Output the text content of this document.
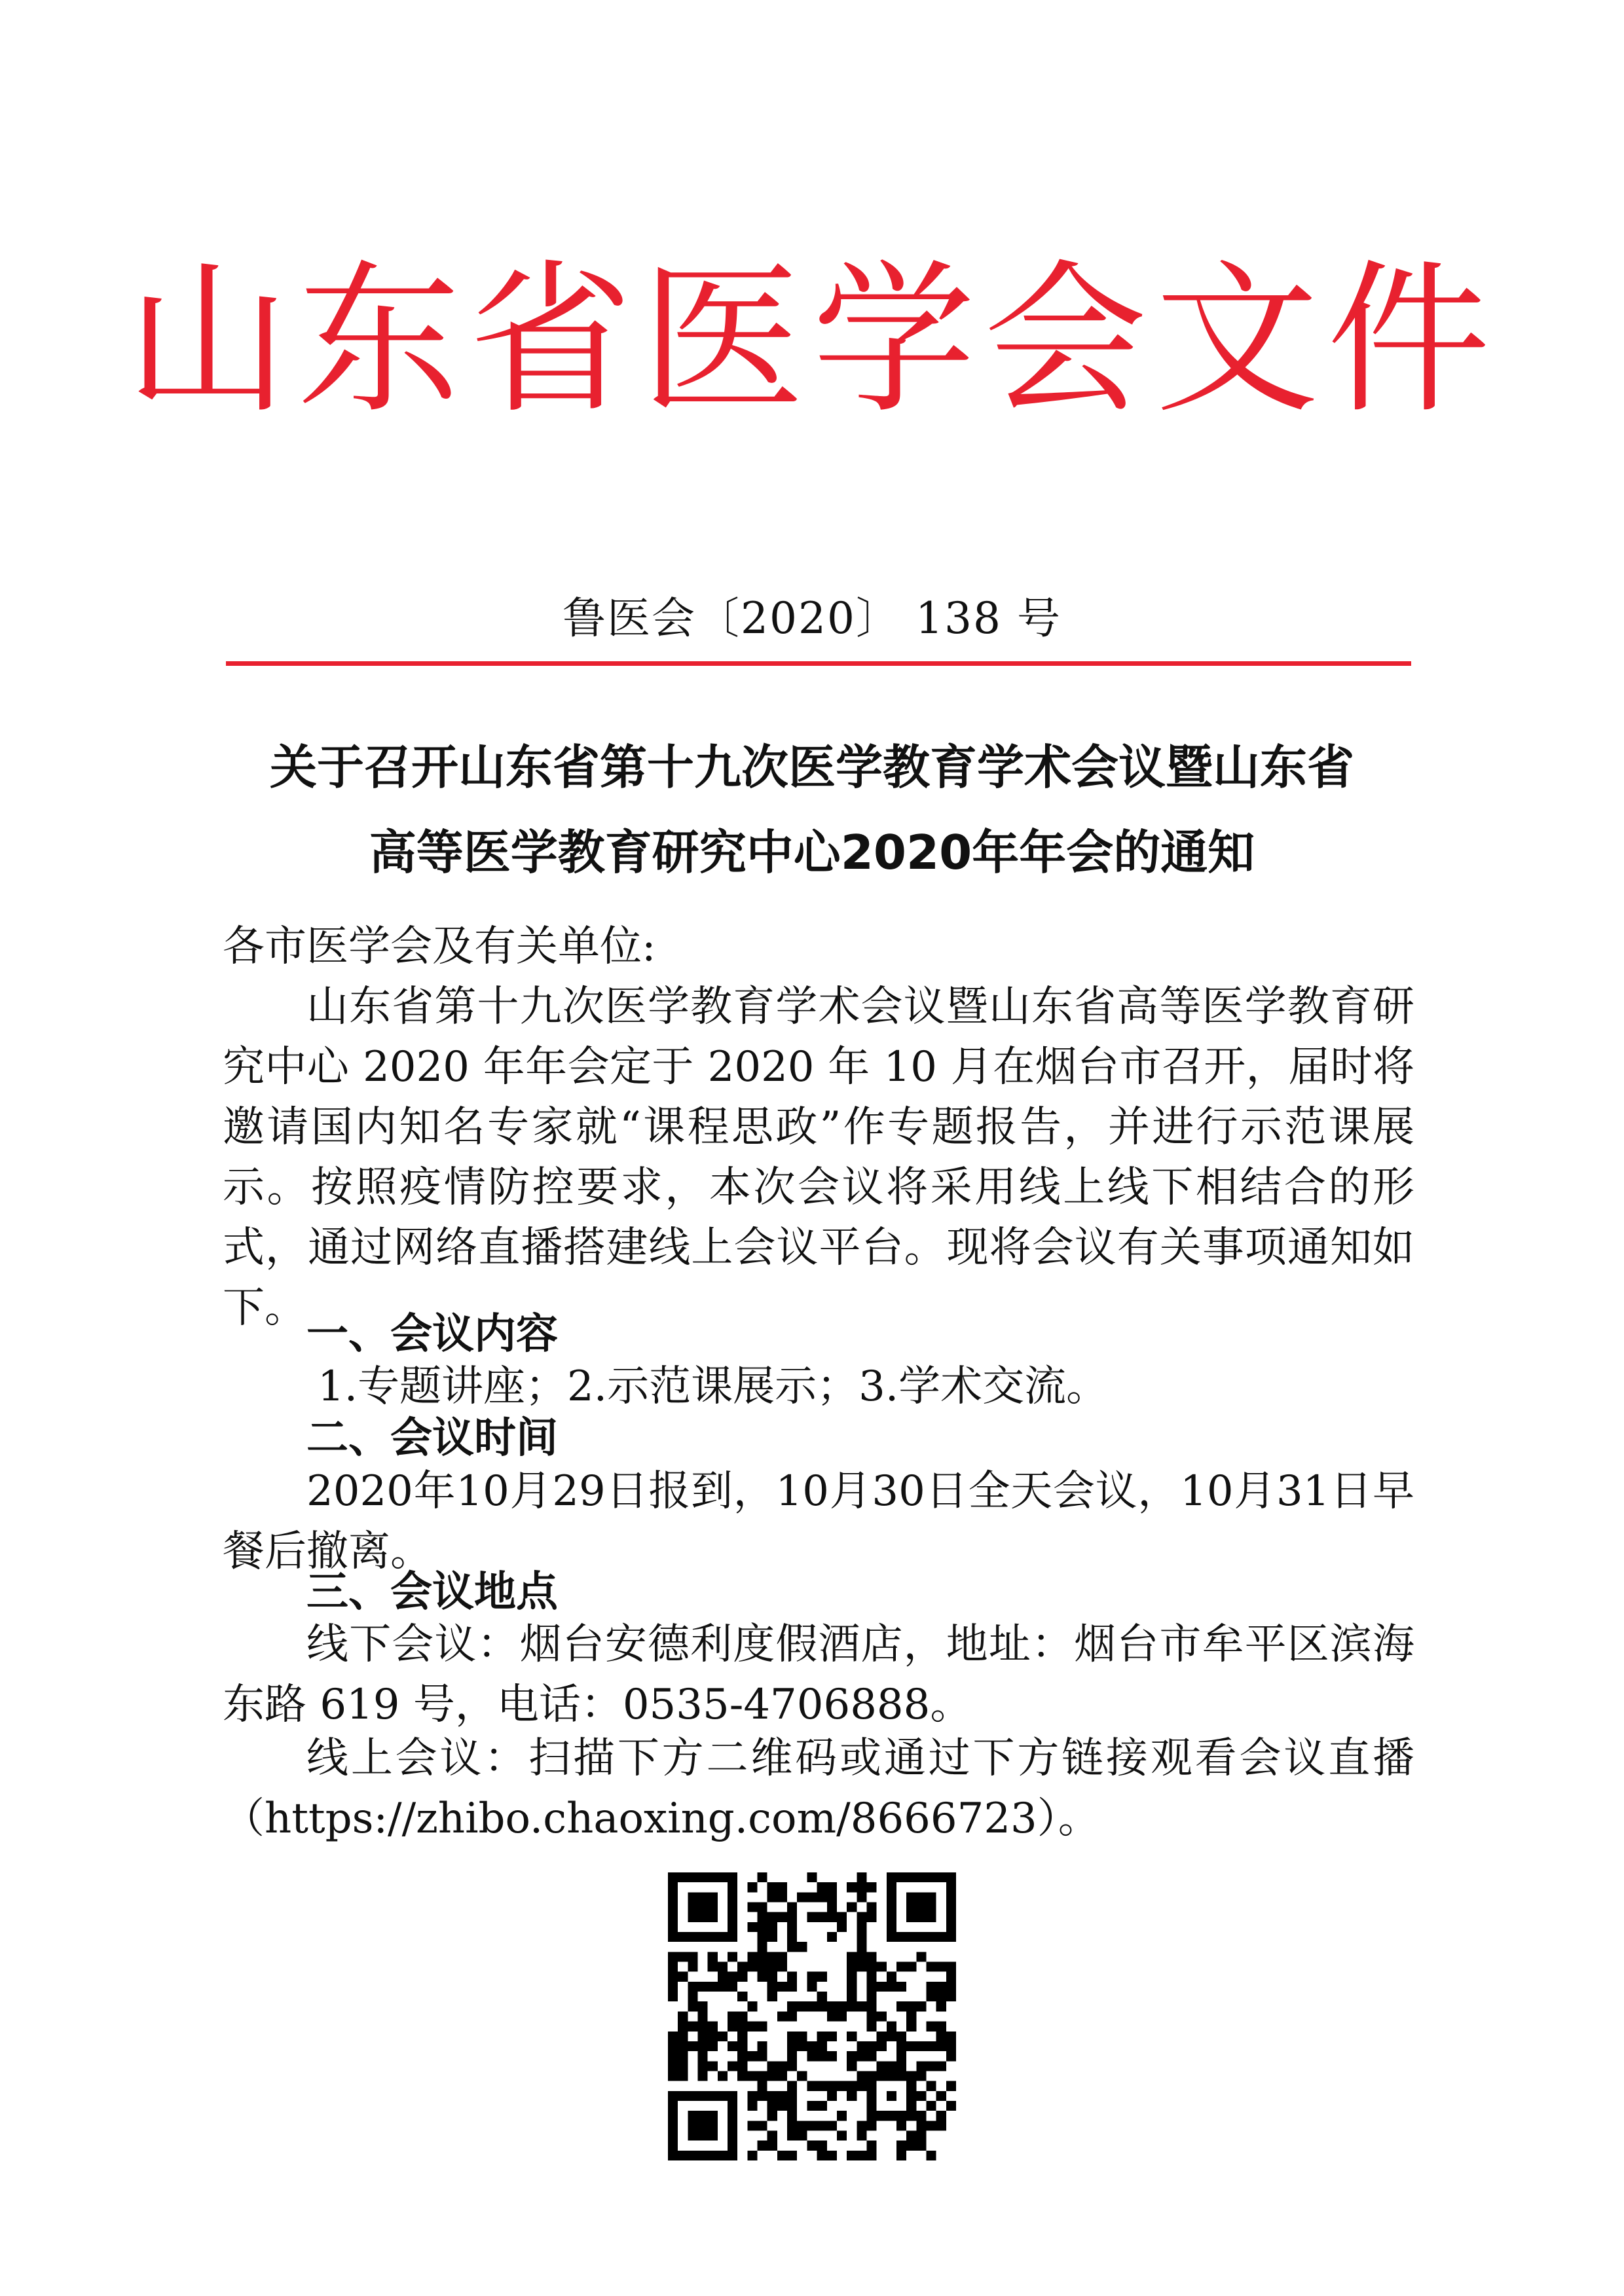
山东省医学会文件
鲁医会〔2020〕 138 号
关于召开山东省第十九次医学教育学术会议暨山东省
高等医学教育研究中心2020年年会的通知
各市医学会及有关单位:
山东省第十九次医学教育学术会议暨山东省高等医学教育研究中心 2020 年年会定于 2020 年 10 月在烟台市召开，届时将邀请国内知名专家就“课程思政”作专题报告，并进行示范课展示。按照疫情防控要求，本次会议将采用线上线下相结合的形式，通过网络直播搭建线上会议平台。现将会议有关事项通知如下。
一、会议内容
1.专题讲座；2.示范课展示；3.学术交流。
二、会议时间
2020年10月29日报到，10月30日全天会议，10月31日早餐后撤离。
三、会议地点
线下会议：烟台安德利度假酒店，地址：烟台市牟平区滨海东路 619 号，电话：0535-4706888。
线上会议：扫描下方二维码或通过下方链接观看会议直播（https://zhibo.chaoxing.com/8666723）。
